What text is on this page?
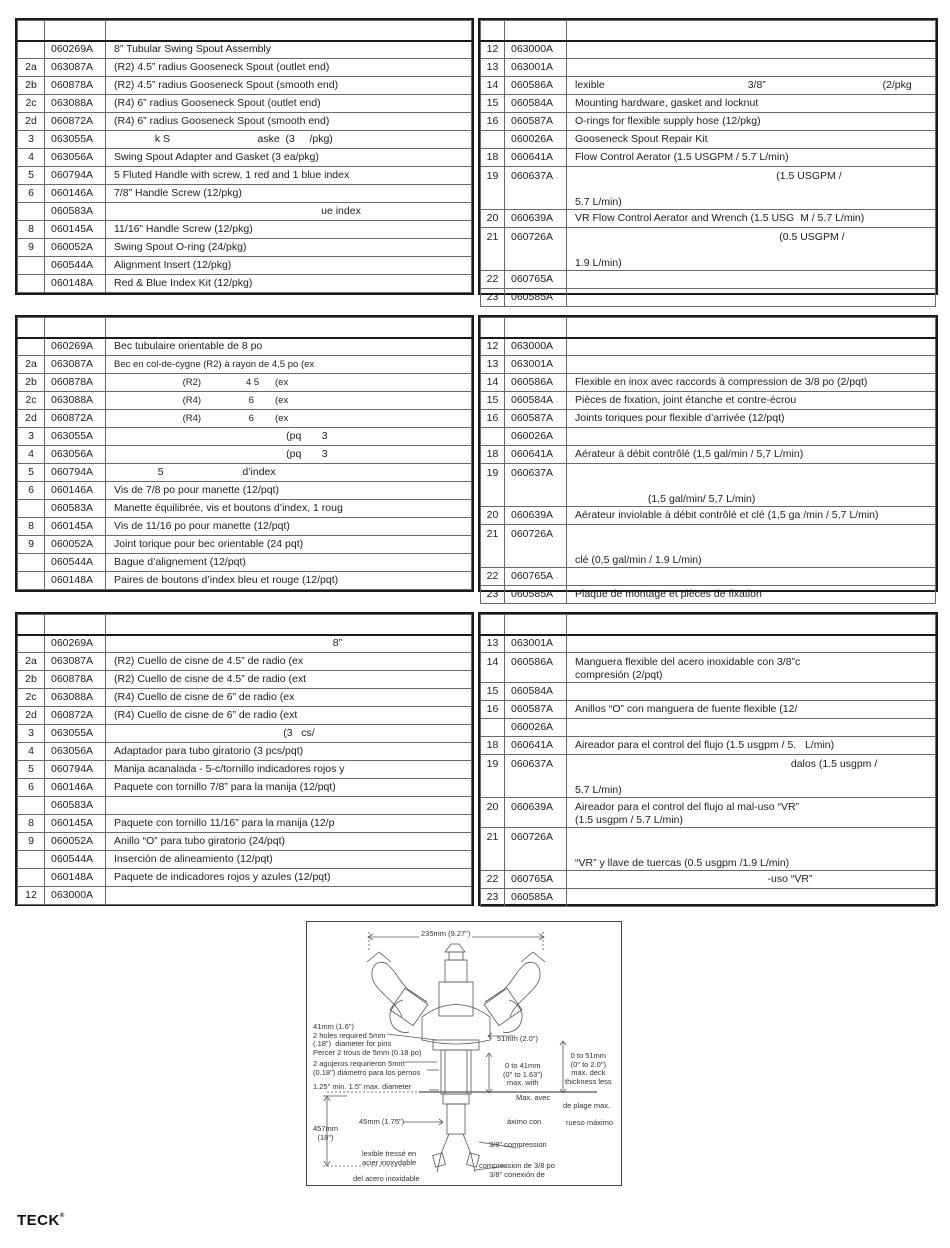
	060269A	8” Tubular Swing Spout Assembly
2a	063087A	(R2) 4.5” radius Gooseneck Spout (outlet end)
2b	060878A	(R2) 4.5” radius Gooseneck Spout (smooth end)
2c	063088A	(R4) 6” radius Gooseneck Spout (outlet end)
2d	060872A	(R4) 6” radius Gooseneck Spout (smooth end)
3	063055A	k S                              aske  (3     /pkg)
4	063056A	Swing Spout Adapter and Gasket (3 ea/pkg)
5	060794A	5 Fluted Handle with screw, 1 red and 1 blue index
6	060146A	7/8” Handle Screw (12/pkg)
	060583A	ue index
8	060145A	11/16” Handle Screw (12/pkg)
9	060052A	Swing Spout O-ring (24/pkg)
	060544A	Alignment Insert (12/pkg)
	060148A	Red & Blue Index Kit (12/pkg)

12	063000A	
13	063001A	
14	060586A	lexible                                                 3/8”                                        (2/pkg
15	060584A	Mounting hardware, gasket and locknut
16	060587A	O-rings for flexible supply hose (12/pkg)
	060026A	Gooseneck Spout Repair Kit
18	060641A	Flow Control Aerator (1.5 USGPM / 5.7 L/min)
19	060637A	(1.5 USGPM /

5.7 L/min)
20	060639A	VR Flow Control Aerator and Wrench (1.5 USG  M / 5.7 L/min)
21	060726A	(0.5 USGPM /

1.9 L/min)
22	060765A	
23	060585A	

	060269A	Bec tubulaire orientable de 8 po
2a	063087A	Bec en col-de-cygne (R2) à rayon de 4,5 po (ex
2b	060878A	(R2)                 4 5      (ex
2c	063088A	(R4)                  6        (ex
2d	060872A	(R4)                  6        (ex
3	063055A	(pq       3
4	063056A	(pq       3
5	060794A	5                           d’index
6	060146A	Vis de 7/8 po pour manette (12/pqt)
	060583A	Manette équilibrée, vis et boutons d’index, 1 roug
8	060145A	Vis de 11/16 po pour manette (12/pqt)
9	060052A	Joint torique pour bec orientable (24 pqt)
	060544A	Bague d’alignement (12/pqt)
	060148A	Paires de boutons d’index bleu et rouge (12/pqt)

12	063000A	
13	063001A	
14	060586A	Flexible en inox avec raccords à compression de 3/8 po (2/pqt)
15	060584A	Pièces de fixation, joint étanche et contre-écrou
16	060587A	Joints toriques pour flexible d’arrivée (12/pqt)
	060026A	
18	060641A	Aérateur à débit contrôlé (1,5 gal/min / 5,7 L/min)
19	060637A	

(1,5 gal/min/ 5,7 L/min)
20	060639A	Aérateur inviolable à débit contrôlé et clé (1,5 ga /min / 5,7 L/min)
21	060726A	

clé (0,5 gal/min / 1.9 L/min)
22	060765A	
23	060585A	Plaque de montage et pièces de fixation

	060269A	8”
2a	063087A	(R2) Cuello de cisne de 4.5” de radio (ex
2b	060878A	(R2) Cuello de cisne de 4.5” de radio (ext
2c	063088A	(R4) Cuello de cisne de 6” de radio (ex
2d	060872A	(R4) Cuello de cisne de 6” de radio (ext
3	063055A	(3   cs/
4	063056A	Adaptador para tubo giratorio (3 pcs/pqt)
5	060794A	Manija acanalada - 5-c/tornillo indicadores rojos y
6	060146A	Paquete con tornillo 7/8” para la manija (12/pqt)
	060583A	
8	060145A	Paquete con tornillo 11/16” para la manija (12/p
9	060052A	Anillo “O” para tubo giratorio (24/pqt)
	060544A	Inserción de alineamiento (12/pqt)
	060148A	Paquete de indicadores rojos y azules (12/pqt)
12	063000A	

13	063001A	
14	060586A	Manguera flexible del acero inoxidable con 3/8”c
compresión (2/pqt)
15	060584A	
16	060587A	Anillos “O” con manguera de fuente flexible (12/
	060026A	
18	060641A	Aireador para el control del flujo (1.5 usgpm / 5.   L/min)
19	060637A	dalos (1.5 usgpm /

5.7 L/min)
20	060639A	Aireador para el control del flujo al mal-uso “VR”
(1.5 usgpm / 5.7 L/min)
21	060726A	

“VR” y llave de tuercas (0.5 usgpm /1.9 L/min)
22	060765A	-uso “VR”
23	060585A	
235mm (9.27")
41mm (1.6")
2 holes required 5mm
(.18")  diameter for pins
Percer 2 trous de 5mm (0.18 po)
2 agujeros requirieron 5mm
(0.18") diámetro para los pernos
1.25" min. 1.5" max. diameter
457mm
(18")
45mm (1.75")
lexible tressé en
acier inoxydable
del acero inoxidable
51mm (2.0")
0 to 41mm
(0" to 1.63")
max. with
0 to 51mm
(0" to 2.0")
max. deck
thickness less
Max. avec
de plage max.
áximo con	rueso máximo
3/8" compression
compression de 3/8 po
3/8" conexión de
TECK®
